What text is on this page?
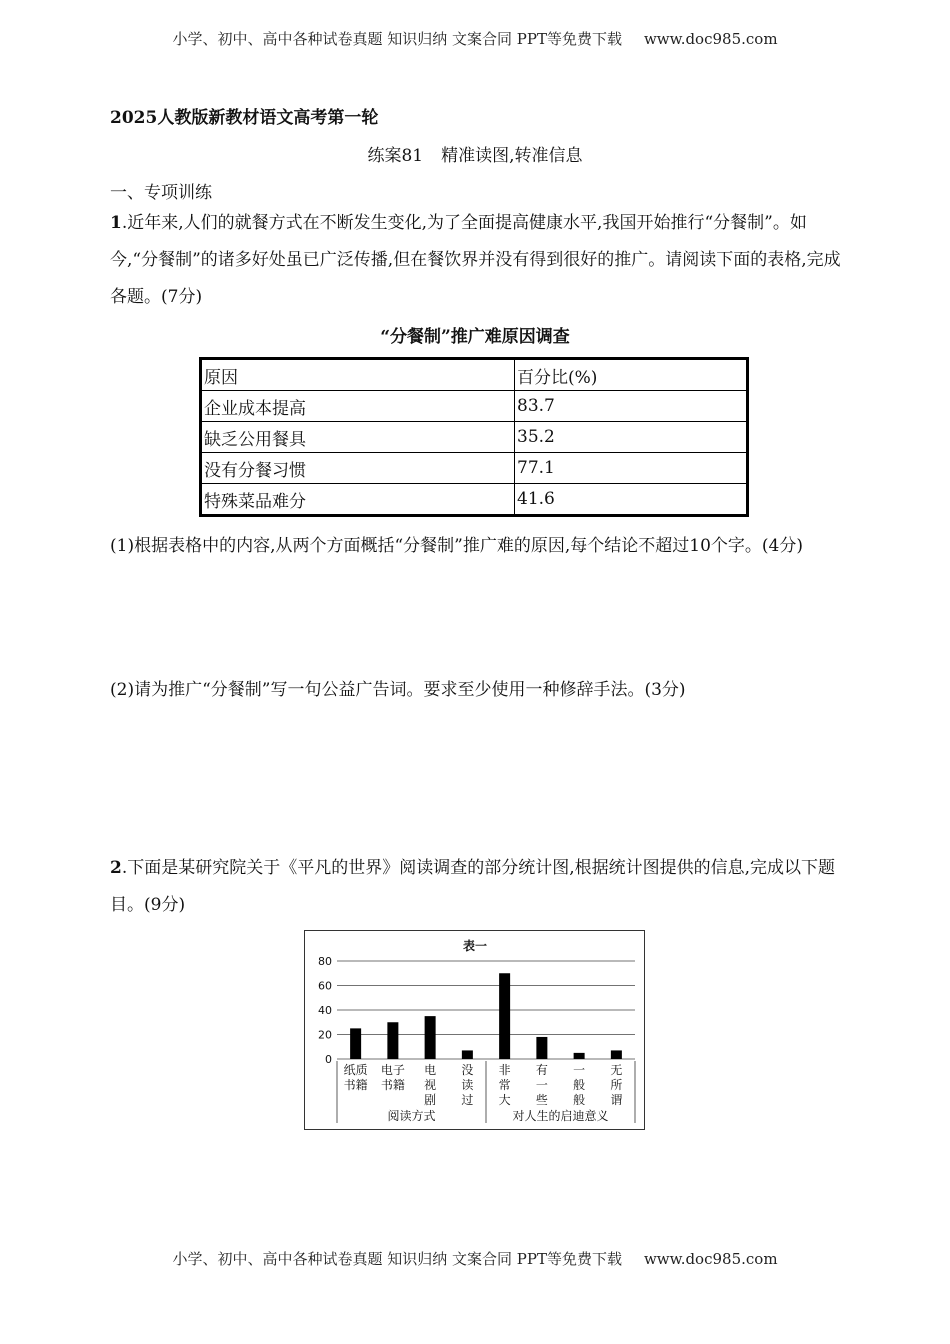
小学、初中、高中各种试卷真题 知识归纳 文案合同 PPT等免费下载 www.doc985.com
2025人教版新教材语文高考第一轮
练案81 精准读图,转准信息
一、专项训练
1.近年来,人们的就餐方式在不断发生变化,为了全面提高健康水平,我国开始推行“分餐制”。如今,“分餐制”的诸多好处虽已广泛传播,但在餐饮界并没有得到很好的推广。请阅读下面的表格,完成各题。(7分)
“分餐制”推广难原因调查
原因	百分比(%)
企业成本提高	83.7
缺乏公用餐具	35.2
没有分餐习惯	77.1
特殊菜品难分	41.6
(1)根据表格中的内容,从两个方面概括“分餐制”推广难的原因,每个结论不超过10个字。(4分)
(2)请为推广“分餐制”写一句公益广告词。要求至少使用一种修辞手法。(3分)
2.下面是某研究院关于《平凡的世界》阅读调查的部分统计图,根据统计图提供的信息,完成以下题目。(9分)
表一
0
20
40
60
80
纸质
书籍
电子
书籍
电
视
剧
没
读
过
非
常
大
有
一
些
一
般
般
无
所
谓
阅读方式	对人生的启迪意义
小学、初中、高中各种试卷真题 知识归纳 文案合同 PPT等免费下载 www.doc985.com
